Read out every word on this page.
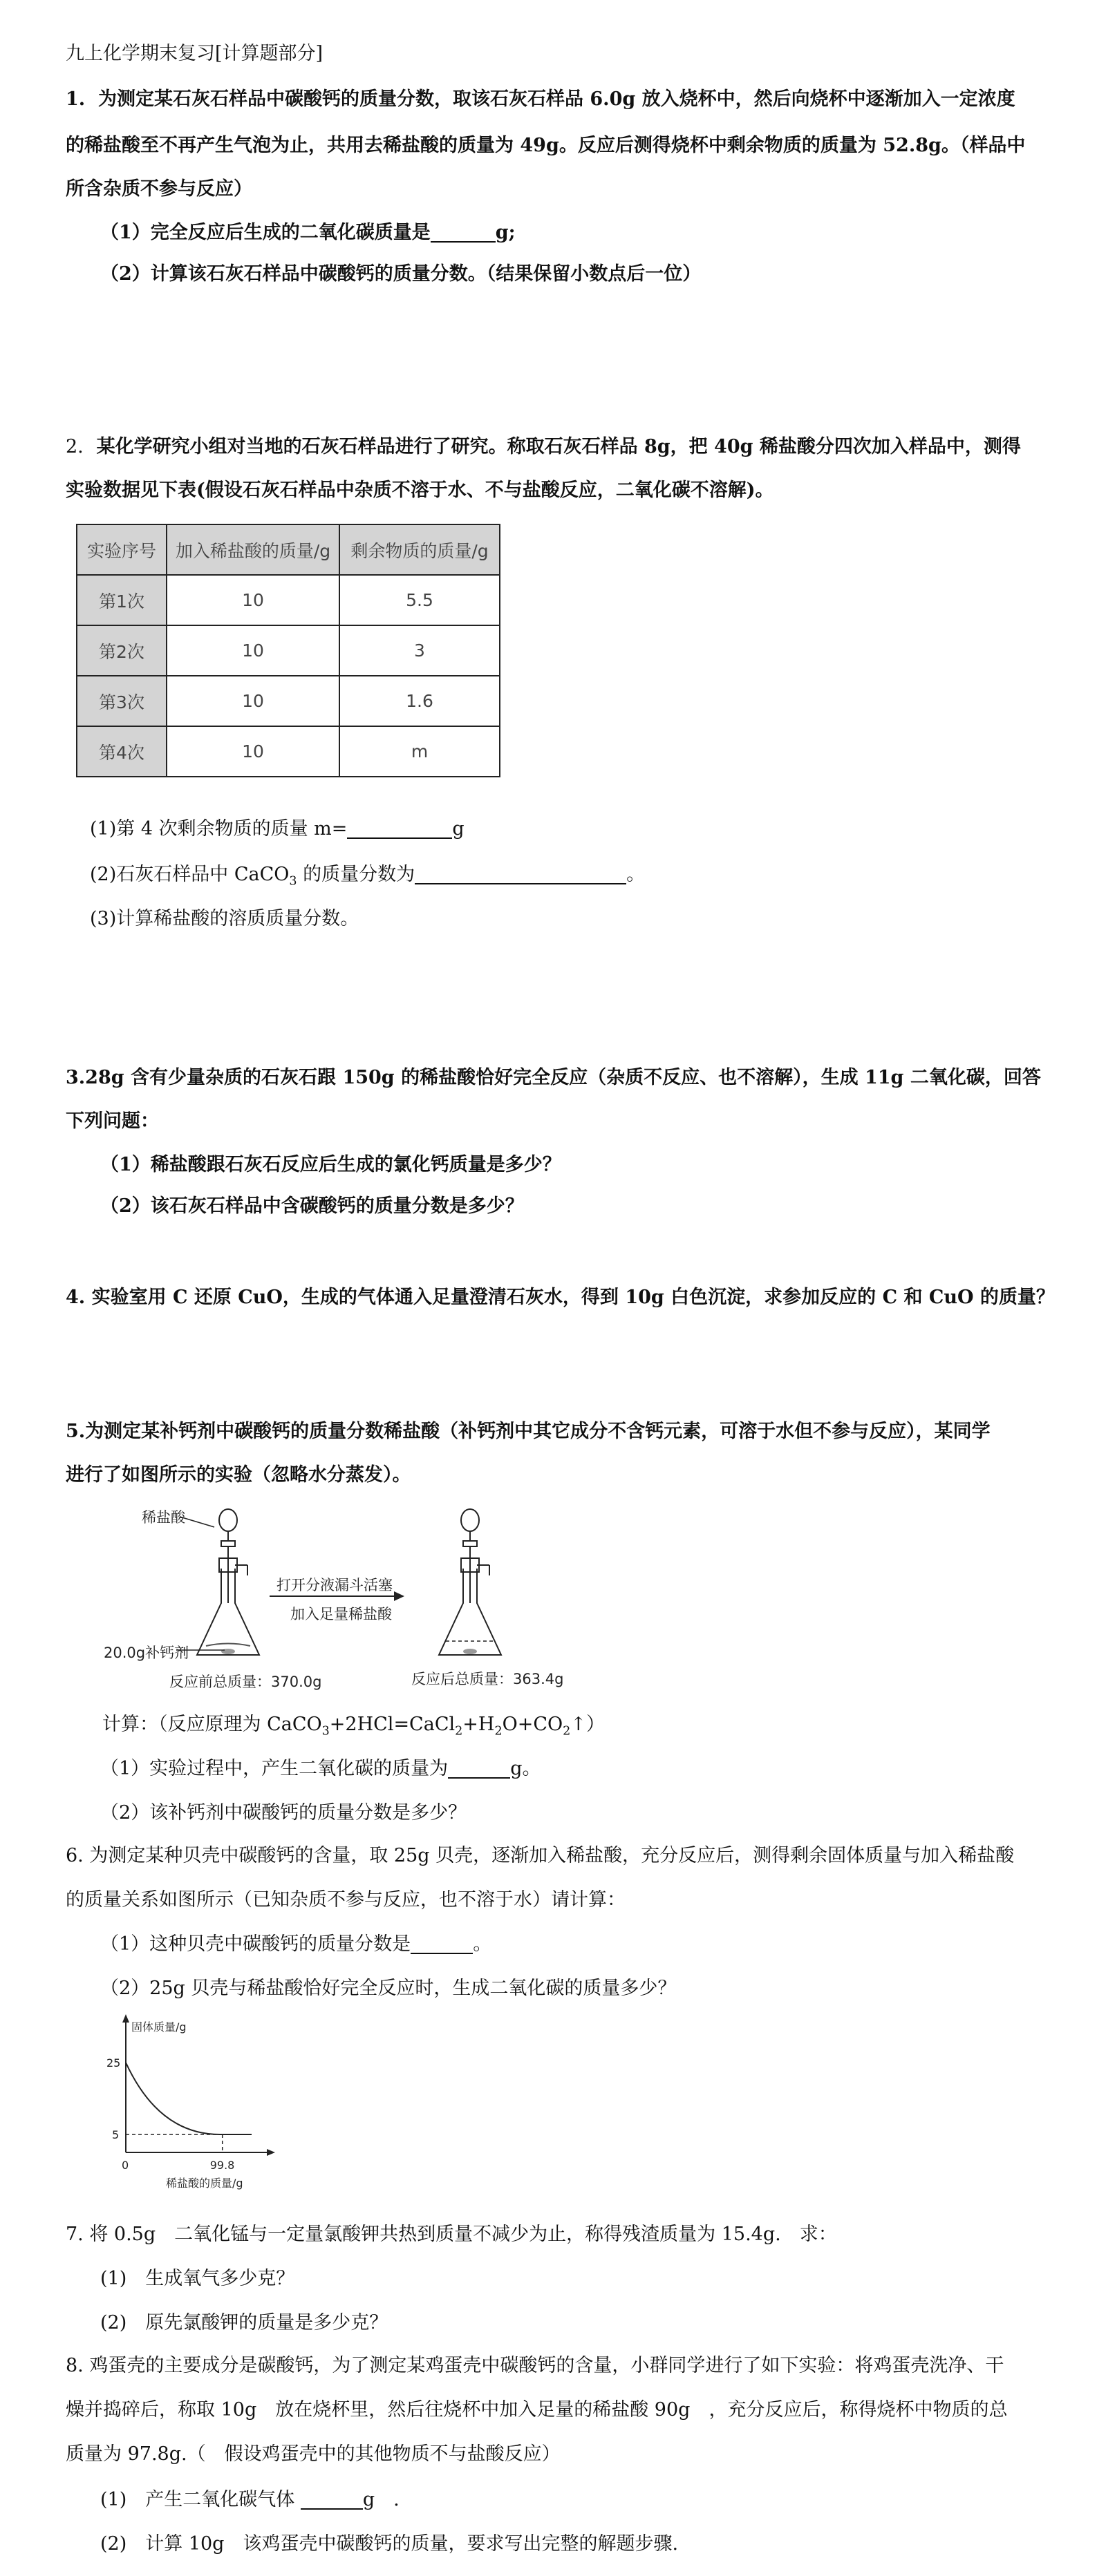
九上化学期末复习[计算题部分]
1. 为测定某石灰石样品中碳酸钙的质量分数，取该石灰石样品 6.0g 放入烧杯中，然后向烧杯中逐渐加入一定浓度
的稀盐酸至不再产生气泡为止，共用去稀盐酸的质量为 49g。反应后测得烧杯中剩余物质的质量为 52.8g。（样品中
所含杂质不参与反应）
（1）完全反应后生成的二氧化碳质量是	g;
（2）计算该石灰石样品中碳酸钙的质量分数。（结果保留小数点后一位）
2. 某化学研究小组对当地的石灰石样品进行了研究。称取石灰石样品 8g，把 40g 稀盐酸分四次加入样品中，测得
实验数据见下表(假设石灰石样品中杂质不溶于水、不与盐酸反应，二氧化碳不溶解)。
实验序号	加入稀盐酸的质量/g	剩余物质的质量/g
第1次	10	5.5
第2次	10	3
第3次	10	1.6
第4次	10	m
(1)第 4 次剩余物质的质量 m=	g
(2)石灰石样品中 CaCO$_3$ 的质量分数为	。
(3)计算稀盐酸的溶质质量分数。
3.28g 含有少量杂质的石灰石跟 150g 的稀盐酸恰好完全反应（杂质不反应、也不溶解），生成 11g 二氧化碳，回答
下列问题：
（1）稀盐酸跟石灰石反应后生成的氯化钙质量是多少？
（2）该石灰石样品中含碳酸钙的质量分数是多少？
4. 实验室用 C 还原 CuO，生成的气体通入足量澄清石灰水，得到 10g 白色沉淀，求参加反应的 C 和 CuO 的质量？
5.为测定某补钙剂中碳酸钙的质量分数稀盐酸（补钙剂中其它成分不含钙元素，可溶于水但不参与反应），某同学
进行了如图所示的实验（忽略水分蒸发）。
稀盐酸
打开分液漏斗活塞
加入足量稀盐酸
20.0g补钙剂
反应前总质量：370.0g	反应后总质量：363.4g
计算：（反应原理为 $CaCO_3+2HCl=CaCl_2+H_2O+CO_2↑$）
（1）实验过程中，产生二氧化碳的质量为	g。
（2）该补钙剂中碳酸钙的质量分数是多少？
6. 为测定某种贝壳中碳酸钙的含量，取 25g 贝壳，逐渐加入稀盐酸，充分反应后，测得剩余固体质量与加入稀盐酸
的质量关系如图所示（已知杂质不参与反应，也不溶于水）请计算：
（1）这种贝壳中碳酸钙的质量分数是	。
（2）25g 贝壳与稀盐酸恰好完全反应时，生成二氧化碳的质量多少？
固体质量/g
稀盐酸的质量/g
25
5
0	99.8
7. 将 0.5g　二氧化锰与一定量氯酸钾共热到质量不减少为止，称得残渣质量为 15.4g.　求：
(1)　生成氧气多少克？
(2)　原先氯酸钾的质量是多少克？
8. 鸡蛋壳的主要成分是碳酸钙，为了测定某鸡蛋壳中碳酸钙的含量，小群同学进行了如下实验：将鸡蛋壳洗净、干
燥并捣碎后，称取 10g　放在烧杯里，然后往烧杯中加入足量的稀盐酸 90g　，充分反应后，称得烧杯中物质的总
质量为 97.8g.（　假设鸡蛋壳中的其他物质不与盐酸反应）
(1)　产生二氧化碳气体	g　.
(2)　计算 10g　该鸡蛋壳中碳酸钙的质量，要求写出完整的解题步骤.
